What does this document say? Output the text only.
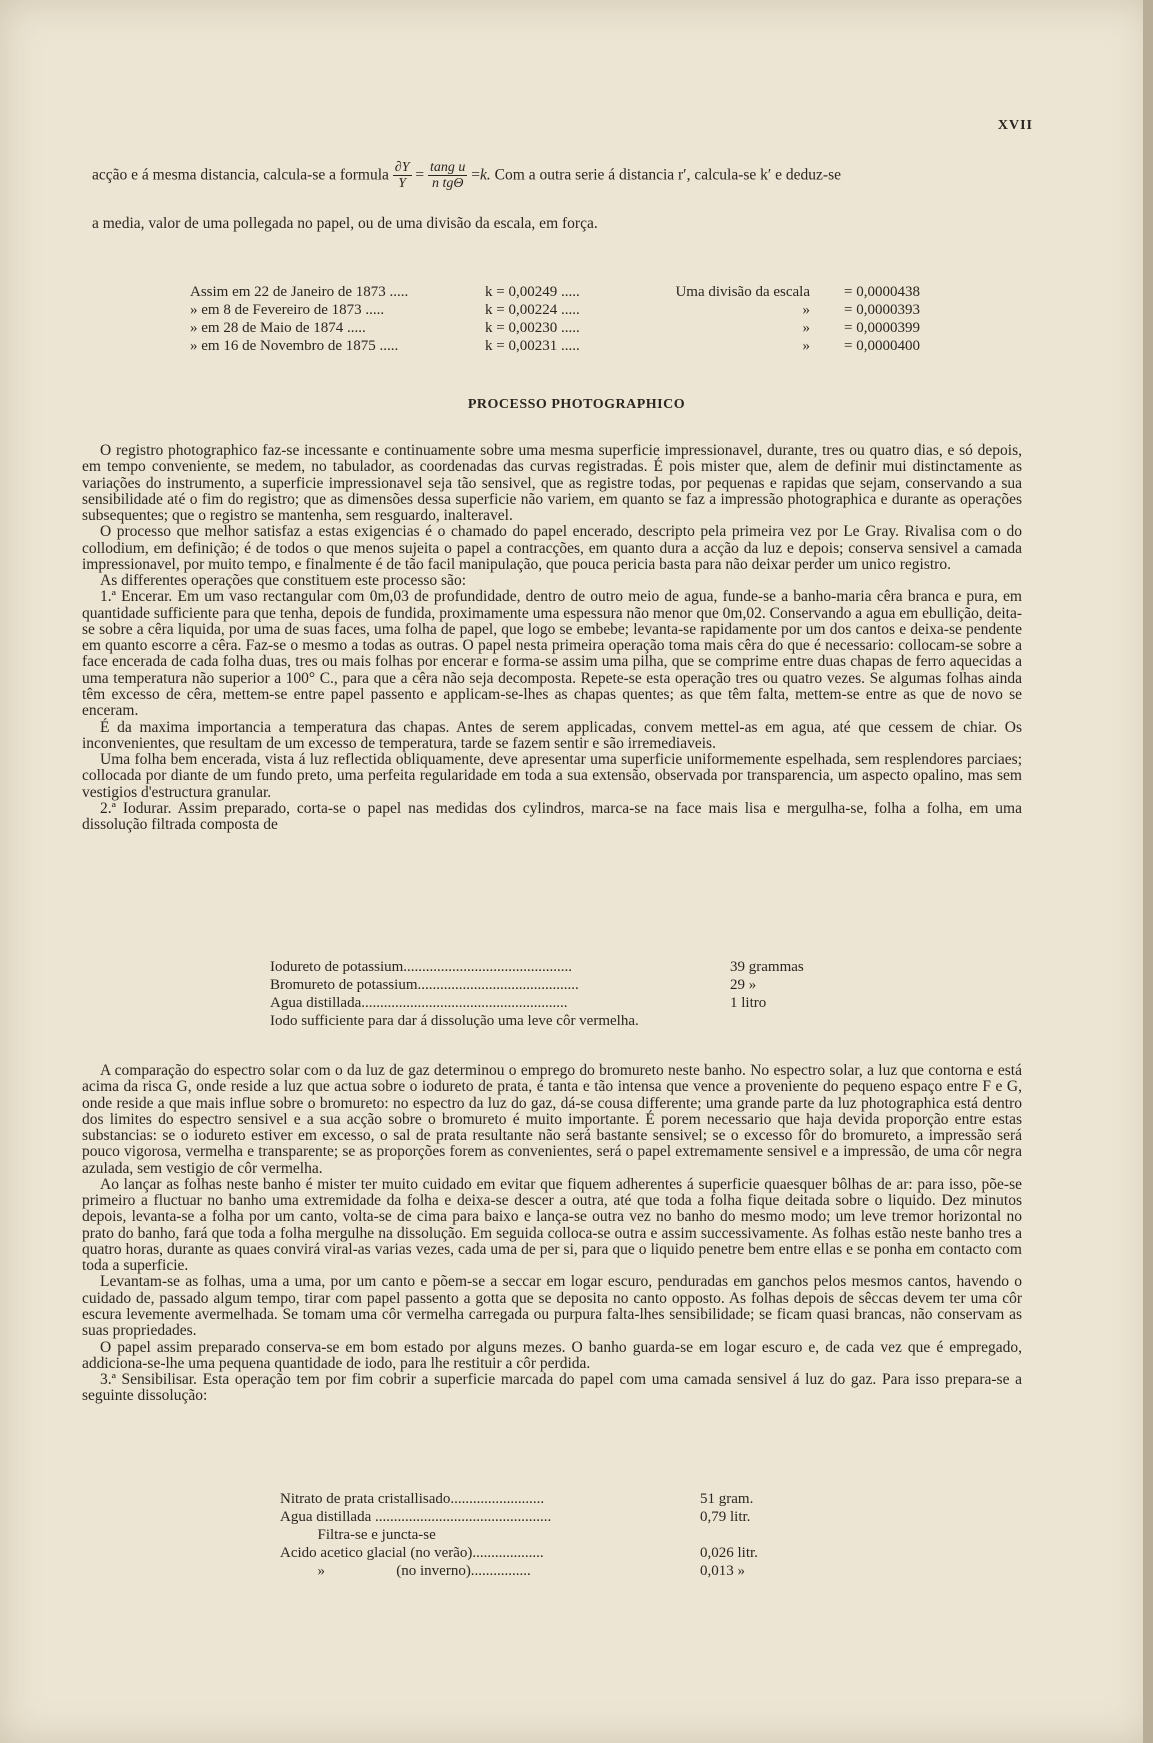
XVII
acção e á mesma distancia, calcula-se a formula $\frac{\partial Y}{Y} = \frac{\text{tang u}}{\text{n tgΘ}} =k$. Com a outra serie á distancia r′, calcula-se k′ e deduz-se
a media, valor de uma pollegada no papel, ou de uma divisão da escala, em força.
Assim em 22 de Janeiro de 1873 .....	k = 0,00249 .....	Uma divisão da escala	= 0,0000438
» em 8 de Fevereiro de 1873 .....	k = 0,00224 .....	»	= 0,0000393
» em 28 de Maio de 1874 .....	k = 0,00230 .....	»	= 0,0000399
» em 16 de Novembro de 1875 .....	k = 0,00231 .....	»	= 0,0000400
PROCESSO PHOTOGRAPHICO

O registro photographico faz-se incessante e continuamente sobre uma mesma superficie impressionavel, durante, tres ou quatro dias, e só depois, em tempo conveniente, se medem, no tabulador, as coordenadas das curvas registradas. É pois mister que, alem de definir mui distinctamente as variações do instrumento, a superficie impressionavel seja tão sensivel, que as registre todas, por pequenas e rapidas que sejam, conservando a sua sensibilidade até o fim do registro; que as dimensões dessa superficie não variem, em quanto se faz a impressão photographica e durante as operações subsequentes; que o registro se mantenha, sem resguardo, inalteravel.

O processo que melhor satisfaz a estas exigencias é o chamado do papel encerado, descripto pela primeira vez por Le Gray. Rivalisa com o do collodium, em definição; é de todos o que menos sujeita o papel a contracções, em quanto dura a acção da luz e depois; conserva sensivel a camada impressionavel, por muito tempo, e finalmente é de tão facil manipulação, que pouca pericia basta para não deixar perder um unico registro.

As differentes operações que constituem este processo são:

1.ª Encerar. Em um vaso rectangular com 0m,03 de profundidade, dentro de outro meio de agua, funde-se a banho-maria cêra branca e pura, em quantidade sufficiente para que tenha, depois de fundida, proximamente uma espessura não menor que 0m,02. Conservando a agua em ebullição, deita-se sobre a cêra liquida, por uma de suas faces, uma folha de papel, que logo se embebe; levanta-se rapidamente por um dos cantos e deixa-se pendente em quanto escorre a cêra. Faz-se o mesmo a todas as outras. O papel nesta primeira operação toma mais cêra do que é necessario: collocam-se sobre a face encerada de cada folha duas, tres ou mais folhas por encerar e forma-se assim uma pilha, que se comprime entre duas chapas de ferro aquecidas a uma temperatura não superior a 100° C., para que a cêra não seja decomposta. Repete-se esta operação tres ou quatro vezes. Se algumas folhas ainda têm excesso de cêra, mettem-se entre papel passento e applicam-se-lhes as chapas quentes; as que têm falta, mettem-se entre as que de novo se enceram.

É da maxima importancia a temperatura das chapas. Antes de serem applicadas, convem mettel-as em agua, até que cessem de chiar. Os inconvenientes, que resultam de um excesso de temperatura, tarde se fazem sentir e são irremediaveis.

Uma folha bem encerada, vista á luz reflectida obliquamente, deve apresentar uma superficie uniformemente espelhada, sem resplendores parciaes; collocada por diante de um fundo preto, uma perfeita regularidade em toda a sua extensão, observada por transparencia, um aspecto opalino, mas sem vestigios d'estructura granular.

2.ª Iodurar. Assim preparado, corta-se o papel nas medidas dos cylindros, marca-se na face mais lisa e mergulha-se, folha a folha, em uma dissolução filtrada composta de

Iodureto de potassium.............................................	39 grammas
Bromureto de potassium...........................................	29 »
Agua distillada.......................................................	1 litro
Iodo sufficiente para dar á dissolução uma leve côr vermelha.

A comparação do espectro solar com o da luz de gaz determinou o emprego do bromureto neste banho. No espectro solar, a luz que contorna e está acima da risca G, onde reside a luz que actua sobre o iodureto de prata, é tanta e tão intensa que vence a proveniente do pequeno espaço entre F e G, onde reside a que mais influe sobre o bromureto: no espectro da luz do gaz, dá-se cousa differente; uma grande parte da luz photographica está dentro dos limites do espectro sensivel e a sua acção sobre o bromureto é muito importante. É porem necessario que haja devida proporção entre estas substancias: se o iodureto estiver em excesso, o sal de prata resultante não será bastante sensivel; se o excesso fôr do bromureto, a impressão será pouco vigorosa, vermelha e transparente; se as proporções forem as convenientes, será o papel extremamente sensivel e a impressão, de uma côr negra azulada, sem vestigio de côr vermelha.

Ao lançar as folhas neste banho é mister ter muito cuidado em evitar que fiquem adherentes á superficie quaesquer bôlhas de ar: para isso, põe-se primeiro a fluctuar no banho uma extremidade da folha e deixa-se descer a outra, até que toda a folha fique deitada sobre o liquido. Dez minutos depois, levanta-se a folha por um canto, volta-se de cima para baixo e lança-se outra vez no banho do mesmo modo; um leve tremor horizontal no prato do banho, fará que toda a folha mergulhe na dissolução. Em seguida colloca-se outra e assim successivamente. As folhas estão neste banho tres a quatro horas, durante as quaes convirá viral-as varias vezes, cada uma de per si, para que o liquido penetre bem entre ellas e se ponha em contacto com toda a superficie.

Levantam-se as folhas, uma a uma, por um canto e põem-se a seccar em logar escuro, penduradas em ganchos pelos mesmos cantos, havendo o cuidado de, passado algum tempo, tirar com papel passento a gotta que se deposita no canto opposto. As folhas depois de sêccas devem ter uma côr escura levemente avermelhada. Se tomam uma côr vermelha carregada ou purpura falta-lhes sensibilidade; se ficam quasi brancas, não conservam as suas propriedades.

O papel assim preparado conserva-se em bom estado por alguns mezes. O banho guarda-se em logar escuro e, de cada vez que é empregado, addiciona-se-lhe uma pequena quantidade de iodo, para lhe restituir a côr perdida.

3.ª Sensibilisar. Esta operação tem por fim cobrir a superficie marcada do papel com uma camada sensivel á luz do gaz. Para isso prepara-se a seguinte dissolução:

Nitrato de prata cristallisado.........................	51 gram.
Agua distillada ...............................................	0,79 litr.
Filtra-se e juncta-se
Acido acetico glacial (no verão)...................	0,026 litr.
»                   (no inverno)................	0,013 »
